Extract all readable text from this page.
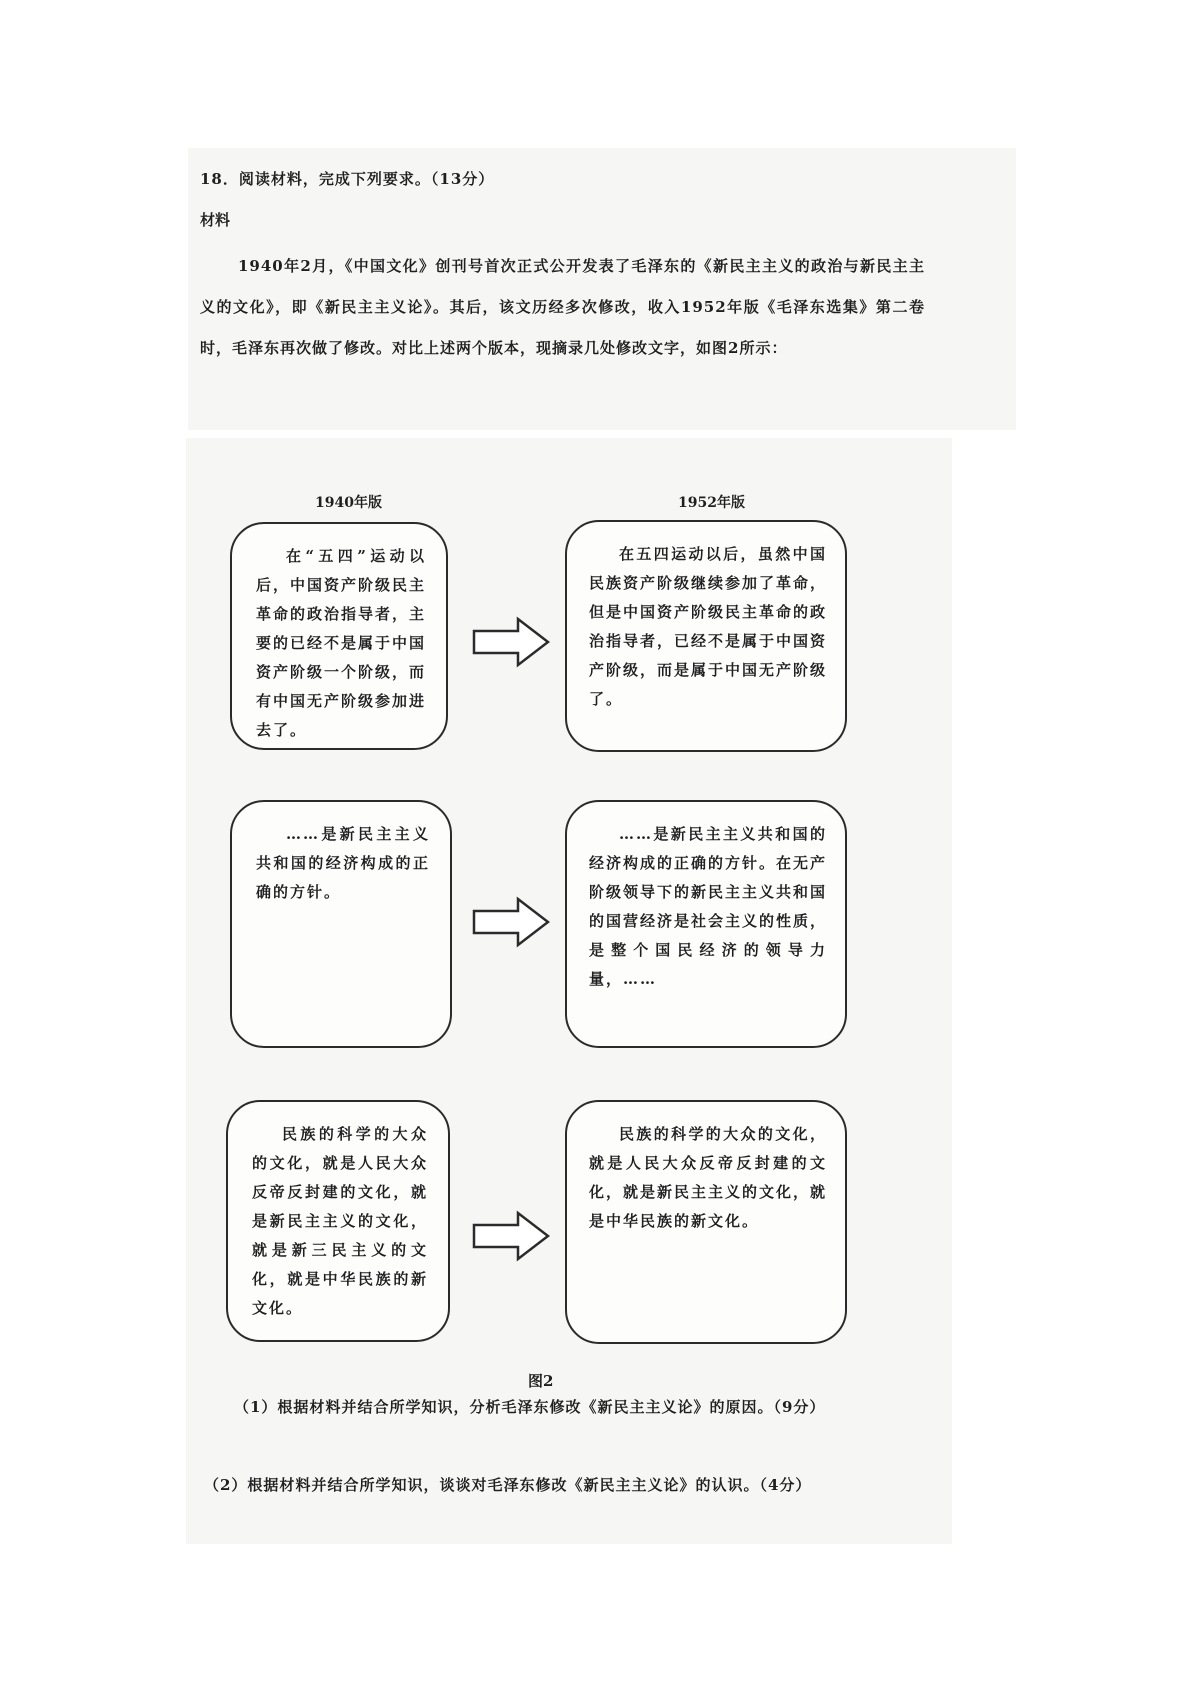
18．阅读材料，完成下列要求。（13分）
材料
1940年2月，《中国文化》创刊号首次正式公开发表了毛泽东的《新民主主义的政治与新民主主义的文化》，即《新民主主义论》。其后，该文历经多次修改，收入1952年版《毛泽东选集》第二卷时，毛泽东再次做了修改。对比上述两个版本，现摘录几处修改文字，如图2所示：
1940年版	1952年版

在“五四”运动以后，中国资产阶级民主革命的政治指导者，主要的已经不是属于中国资产阶级一个阶级，而有中国无产阶级参加进去了。

在五四运动以后，虽然中国民族资产阶级继续参加了革命，但是中国资产阶级民主革命的政治指导者，已经不是属于中国资产阶级，而是属于中国无产阶级了。

……是新民主主义共和国的经济构成的正确的方针。

……是新民主主义共和国的经济构成的正确的方针。在无产阶级领导下的新民主主义共和国的国营经济是社会主义的性质，是整个国民经济的领导力量，……

民族的科学的大众的文化，就是人民大众反帝反封建的文化，就是新民主主义的文化，就是新三民主义的文化，就是中华民族的新文化。

民族的科学的大众的文化，就是人民大众反帝反封建的文化，就是新民主主义的文化，就是中华民族的新文化。

图2
（1）根据材料并结合所学知识，分析毛泽东修改《新民主主义论》的原因。（9分）
（2）根据材料并结合所学知识，谈谈对毛泽东修改《新民主主义论》的认识。（4分）
